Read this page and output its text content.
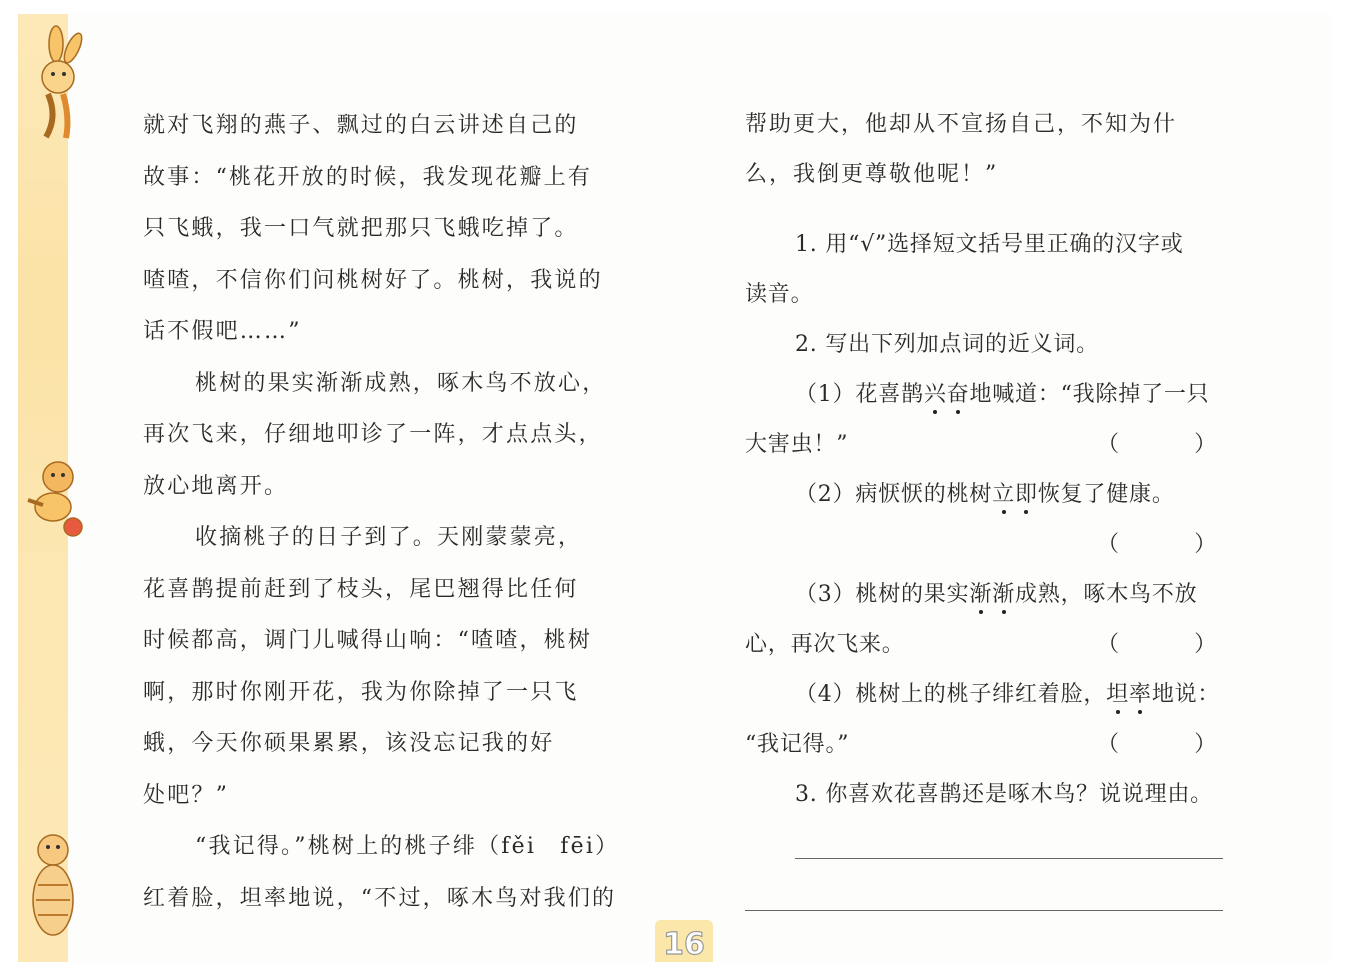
就对飞翔的燕子、飘过的白云讲述自己的
故事：“桃花开放的时候，我发现花瓣上有
只飞蛾，我一口气就把那只飞蛾吃掉了。
喳喳，不信你们问桃树好了。桃树，我说的
话不假吧……”
桃树的果实渐渐成熟，啄木鸟不放心，
再次飞来，仔细地叩诊了一阵，才点点头，
放心地离开。
收摘桃子的日子到了。天刚蒙蒙亮，
花喜鹊提前赶到了枝头，尾巴翘得比任何
时候都高，调门儿喊得山响：“喳喳，桃树
啊，那时你刚开花，我为你除掉了一只飞
蛾，今天你硕果累累，该没忘记我的好
处吧？”
“我记得。”桃树上的桃子绯（fěi　fēi）
红着脸，坦率地说，“不过，啄木鸟对我们的
帮助更大，他却从不宣扬自己，不知为什
么，我倒更尊敬他呢！”
1. 用“√”选择短文括号里正确的汉字或
读音。
2. 写出下列加点词的近义词。
（1）花喜鹊兴奋地喊道：“我除掉了一只
大害虫！”	（	）
（2）病恹恹的桃树立即恢复了健康。
（	）
（3）桃树的果实渐渐成熟，啄木鸟不放
心，再次飞来。	（	）
（4）桃树上的桃子绯红着脸，坦率地说：
“我记得。”	（	）
3. 你喜欢花喜鹊还是啄木鸟？说说理由。
16
